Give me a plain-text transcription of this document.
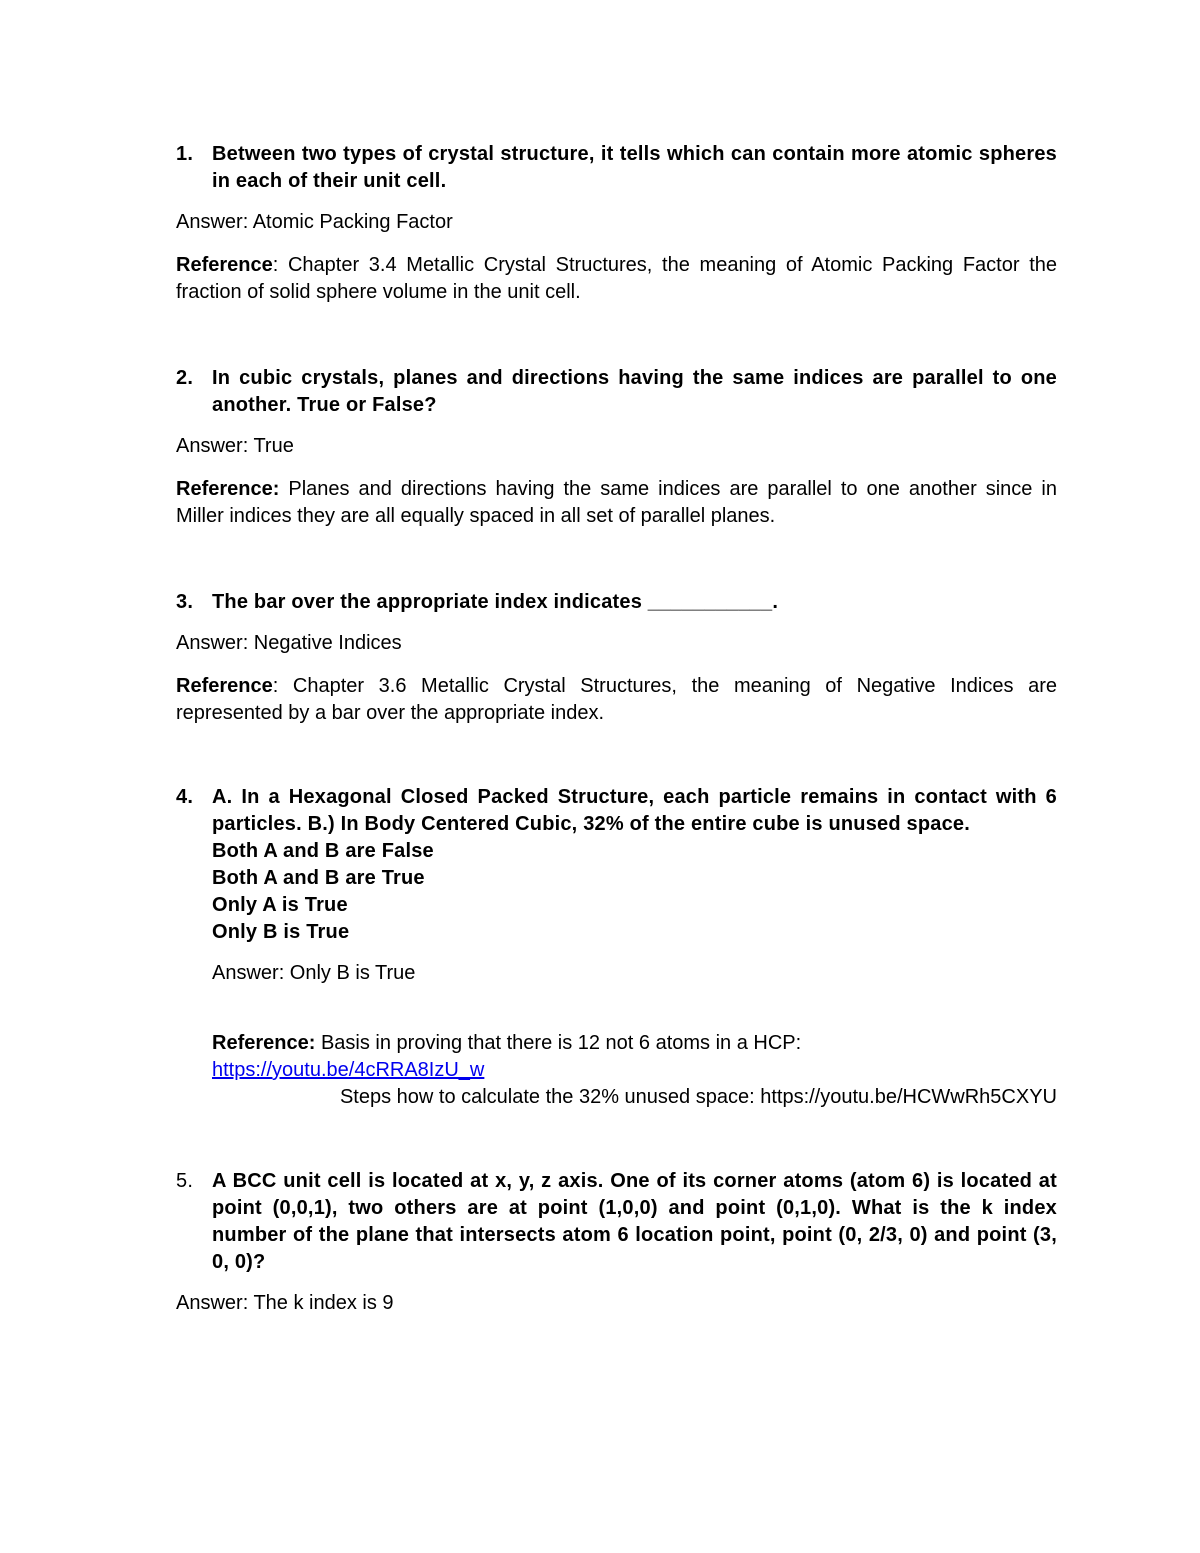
1. Between two types of crystal structure, it tells which can contain more atomic spheres in each of their unit cell.

Answer: Atomic Packing Factor

Reference: Chapter 3.4 Metallic Crystal Structures, the meaning of Atomic Packing Factor the fraction of solid sphere volume in the unit cell.

2. In cubic crystals, planes and directions having the same indices are parallel to one another. True or False?

Answer: True

Reference: Planes and directions having the same indices are parallel to one another since in Miller indices they are all equally spaced in all set of parallel planes.

3. The bar over the appropriate index indicates ___________.

Answer: Negative Indices

Reference: Chapter 3.6 Metallic Crystal Structures, the meaning of Negative Indices are represented by a bar over the appropriate index.

4. A. In a Hexagonal Closed Packed Structure, each particle remains in contact with 6 particles. B.) In Body Centered Cubic, 32% of the entire cube is unused space.
Both A and B are False
Both A and B are True
Only A is True
Only B is True

Answer: Only B is True

Reference: Basis in proving that there is 12 not 6 atoms in a HCP:
https://youtu.be/4cRRA8IzU_w

Steps how to calculate the 32% unused space: https://youtu.be/HCWwRh5CXYU
5. A BCC unit cell is located at x, y, z axis. One of its corner atoms (atom 6) is located at point (0,0,1), two others are at point (1,0,0) and point (0,1,0). What is the k index number of the plane that intersects atom 6 location point, point (0, 2/3, 0) and point (3, 0, 0)?

Answer: The k index is 9
